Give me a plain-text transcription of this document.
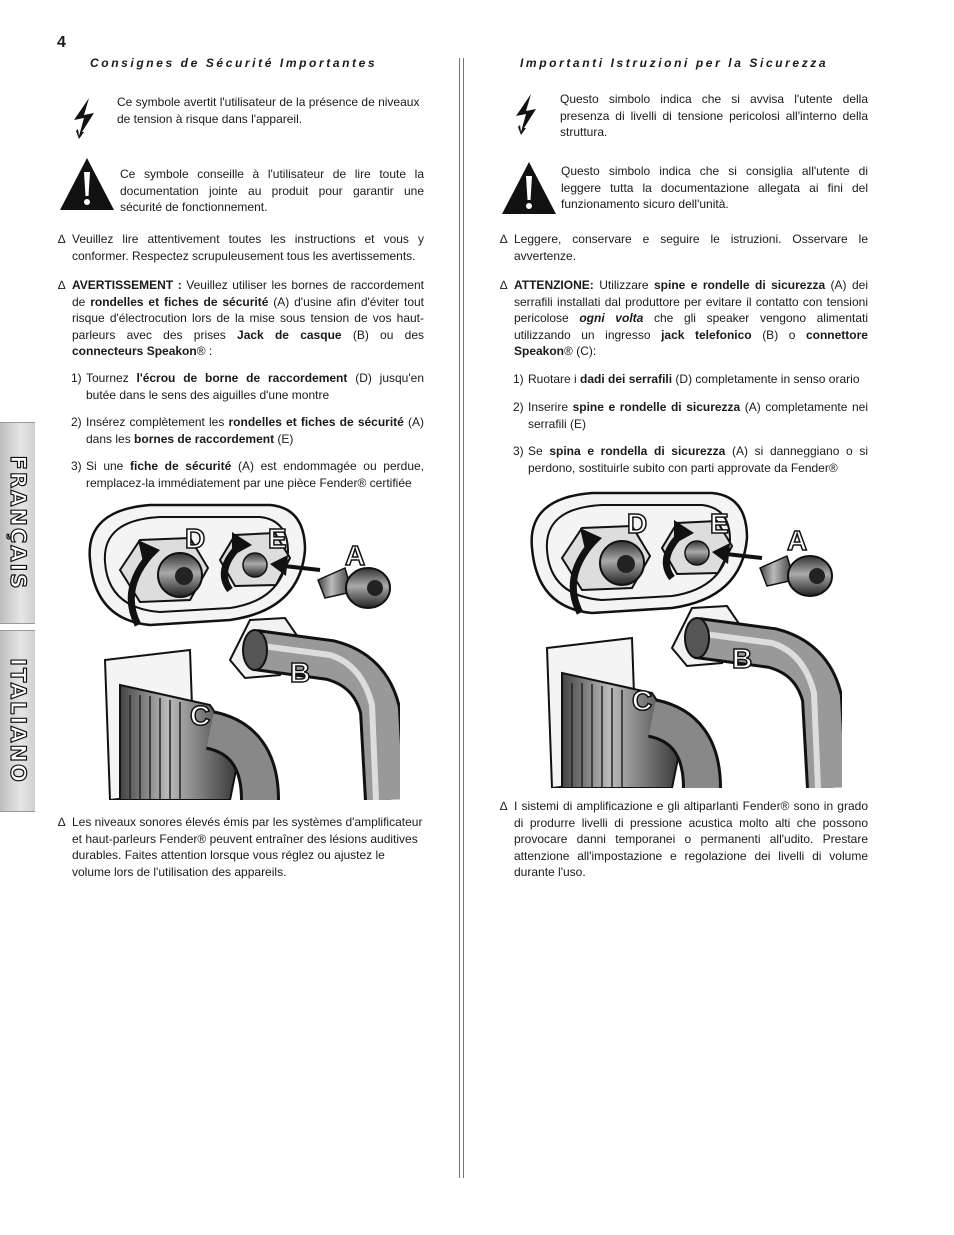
4
FRANÇAIS
ITALIANO
Consignes de Sécurité Importantes
Ce symbole avertit l'utilisateur de la présence de niveaux de tension à risque dans l'appareil.
Ce symbole conseille à l'utilisateur de lire toute la documentation jointe au produit pour garantir une sécurité de fonctionnement.
∆ Veuillez lire attentivement toutes les instructions et vous y conformer. Respectez scrupuleusement tous les avertissements.
∆ AVERTISSEMENT : Veuillez utiliser les bornes de raccordement de rondelles et fiches de sécurité (A) d'usine afin d'éviter tout risque d'électrocution lors de la mise sous tension de vos haut-parleurs avec des prises Jack de casque (B) ou des connecteurs Speakon® :
1) Tournez l'écrou de borne de raccordement (D) jusqu'en butée dans le sens des aiguilles d'une montre
2) Insérez complètement les rondelles et fiches de sécurité (A) dans les bornes de raccordement (E)
3) Si une fiche de sécurité (A) est endommagée ou perdue, remplacez-la immédiatement par une pièce Fender® certifiée
D E
A
B
C
∆ Les niveaux sonores élevés émis par les systèmes d'amplificateur et haut-parleurs Fender® peuvent entraîner des lésions auditives durables. Faites attention lorsque vous réglez ou ajustez le volume lors de l'utilisation des appareils.
Importanti Istruzioni per la Sicurezza
Questo simbolo indica che si avvisa l'utente della presenza di livelli di tensione pericolosi all'interno della struttura.
Questo simbolo indica che si consiglia all'utente di leggere tutta la documentazione allegata ai fini del funzionamento sicuro dell'unità.
∆ Leggere, conservare e seguire le istruzioni. Osservare le avvertenze.
∆ ATTENZIONE: Utilizzare spine e rondelle di sicurezza (A) dei serrafili installati dal produttore per evitare il contatto con tensioni pericolose ogni volta che gli speaker vengono alimentati utilizzando un ingresso jack telefonico (B) o connettore Speakon® (C):
1) Ruotare i dadi dei serrafili (D) completamente in senso orario
2) Inserire spine e rondelle di sicurezza (A) completamente nei serrafili (E)
3) Se spina e rondella di sicurezza (A) si danneggiano o si perdono, sostituirle subito con parti approvate da Fender®
D E
A
B
C
∆ I sistemi di amplificazione e gli altiparlanti Fender® sono in grado di produrre livelli di pressione acustica molto alti che possono provocare danni temporanei o permanenti all'udito. Prestare attenzione all'impostazione e regolazione dei livelli di volume durante l'uso.
